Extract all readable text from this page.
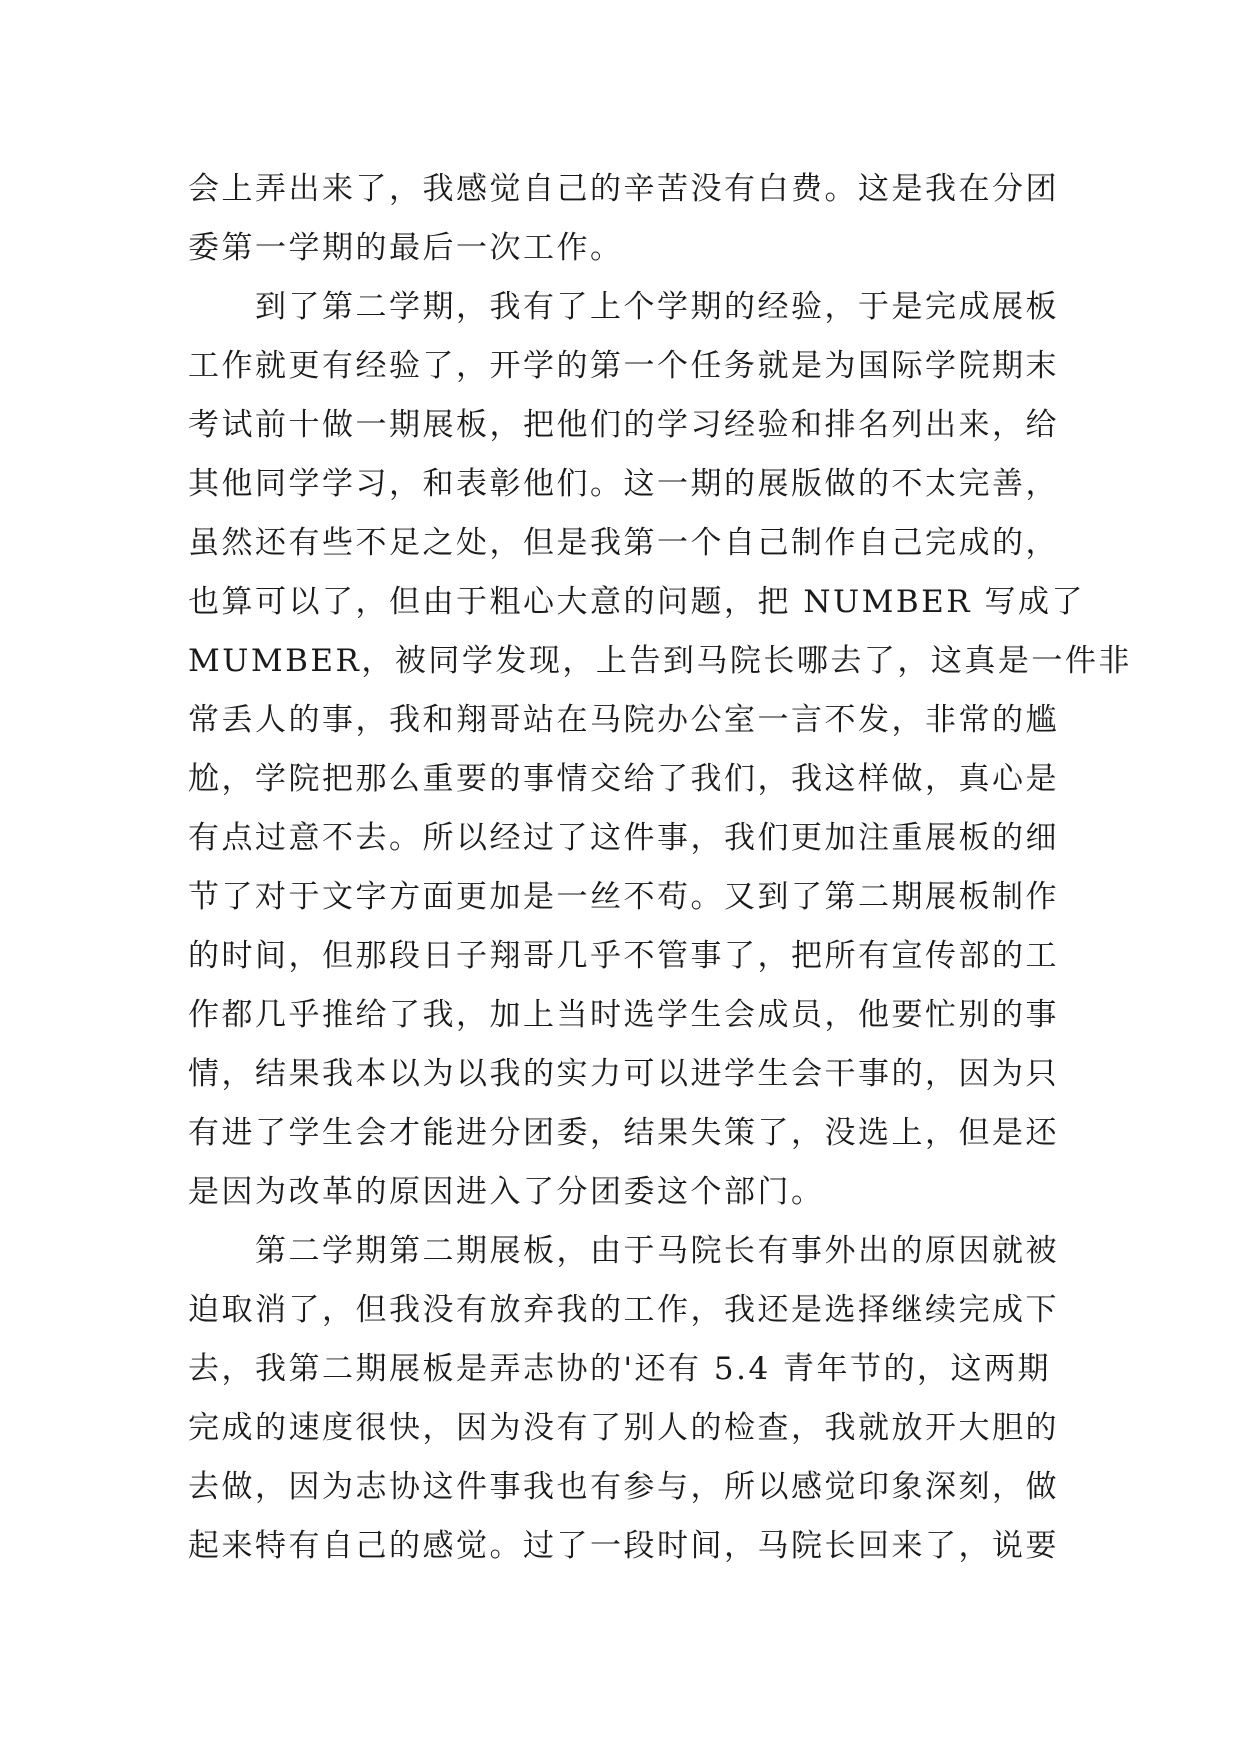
会上弄出来了，我感觉自己的辛苦没有白费。这是我在分团
委第一学期的最后一次工作。
　　到了第二学期，我有了上个学期的经验，于是完成展板
工作就更有经验了，开学的第一个任务就是为国际学院期末
考试前十做一期展板，把他们的学习经验和排名列出来，给
其他同学学习，和表彰他们。这一期的展版做的不太完善，
虽然还有些不足之处，但是我第一个自己制作自己完成的，
也算可以了，但由于粗心大意的问题，把 NUMBER 写成了
MUMBER，被同学发现，上告到马院长哪去了，这真是一件非
常丢人的事，我和翔哥站在马院办公室一言不发，非常的尴
尬，学院把那么重要的事情交给了我们，我这样做，真心是
有点过意不去。所以经过了这件事，我们更加注重展板的细
节了对于文字方面更加是一丝不苟。又到了第二期展板制作
的时间，但那段日子翔哥几乎不管事了，把所有宣传部的工
作都几乎推给了我，加上当时选学生会成员，他要忙别的事
情，结果我本以为以我的实力可以进学生会干事的，因为只
有进了学生会才能进分团委，结果失策了，没选上，但是还
是因为改革的原因进入了分团委这个部门。
　　第二学期第二期展板，由于马院长有事外出的原因就被
迫取消了，但我没有放弃我的工作，我还是选择继续完成下
去，我第二期展板是弄志协的'还有 5.4 青年节的，这两期
完成的速度很快，因为没有了别人的检查，我就放开大胆的
去做，因为志协这件事我也有参与，所以感觉印象深刻，做
起来特有自己的感觉。过了一段时间，马院长回来了，说要
